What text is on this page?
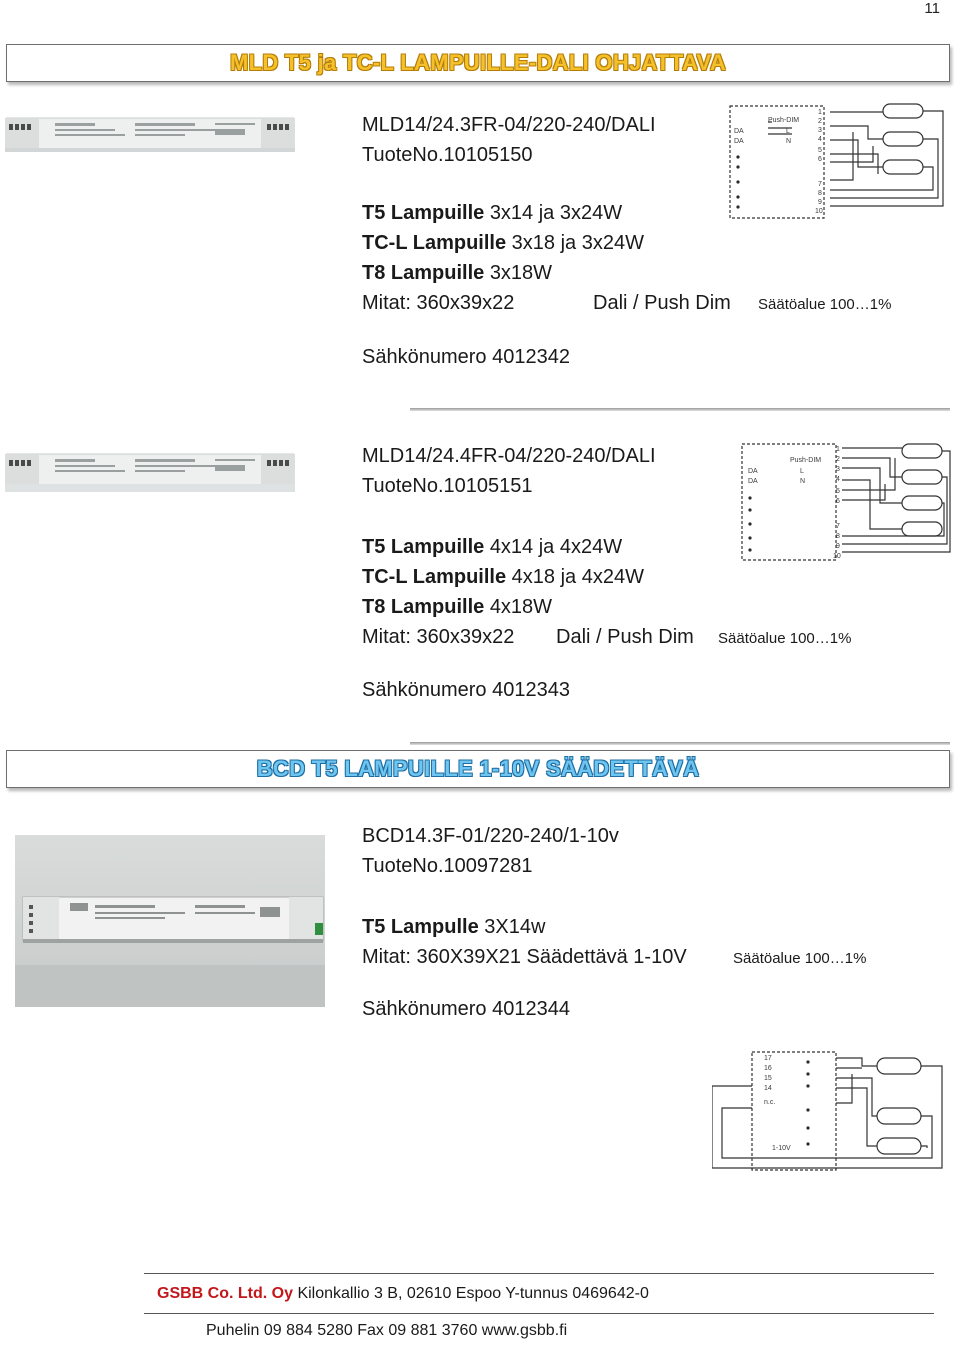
11
MLD T5 ja TC-L LAMPUILLE-DALI OHJATTAVA
MLD14/24.3FR-04/220-240/DALI
TuoteNo.10105150
T5 Lampuille 3x14 ja 3x24W
TC-L Lampuille 3x18 ja 3x24W
T8 Lampuille 3x18W
Mitat: 360x39x22	Dali / Push Dim Säätöalue 100…1%
Sähkönumero 4012342
DA
DA
Push-DIM
L
N
1
2
3
4
5
6
7
8
9
10
MLD14/24.4FR-04/220-240/DALI
TuoteNo.10105151
T5 Lampuille 4x14 ja 4x24W
TC-L Lampuille 4x18 ja 4x24W
T8 Lampuille 4x18W
Mitat: 360x39x22 Dali / Push Dim Säätöalue 100…1%
Sähkönumero 4012343
DA
DA
Push-DIM
L
N
1
2
3
4
5
6
7
8
9
10
BCD T5 LAMPUILLE 1-10V SÄÄDETTÄVÄ
BCD14.3F-01/220-240/1-10v
TuoteNo.10097281
T5 Lampulle 3X14w
Mitat: 360X39X21 Säädettävä 1-10V	Säätöalue 100…1%
Sähkönumero 4012344
17
16
15
14
n.c.
1-10V
GSBB Co. Ltd. Oy Kilonkallio 3 B, 02610 Espoo Y-tunnus 0469642-0
Puhelin 09 884 5280 Fax 09 881 3760 www.gsbb.fi
